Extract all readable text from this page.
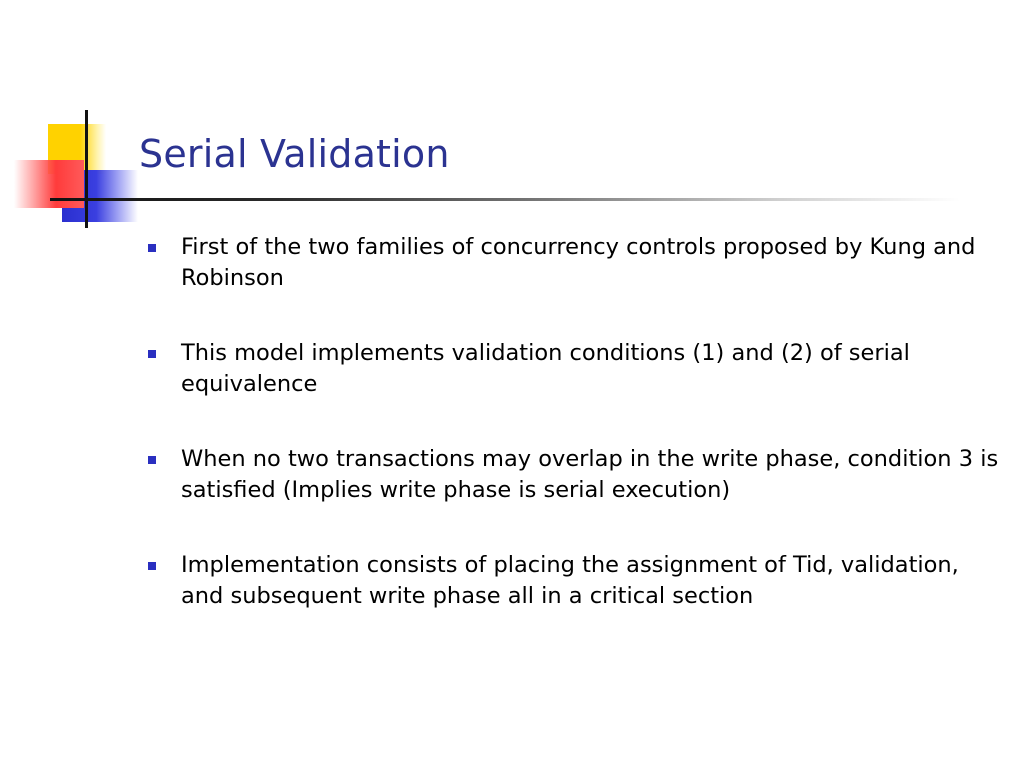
Serial Validation
First of the two families of concurrency controls proposed by Kung and Robinson
This model implements validation conditions (1) and (2) of serial equivalence
When no two transactions may overlap in the write phase, condition 3 is satisfied (Implies write phase is serial execution)
Implementation consists of placing the assignment of Tid, validation, and subsequent write phase all in a critical section
